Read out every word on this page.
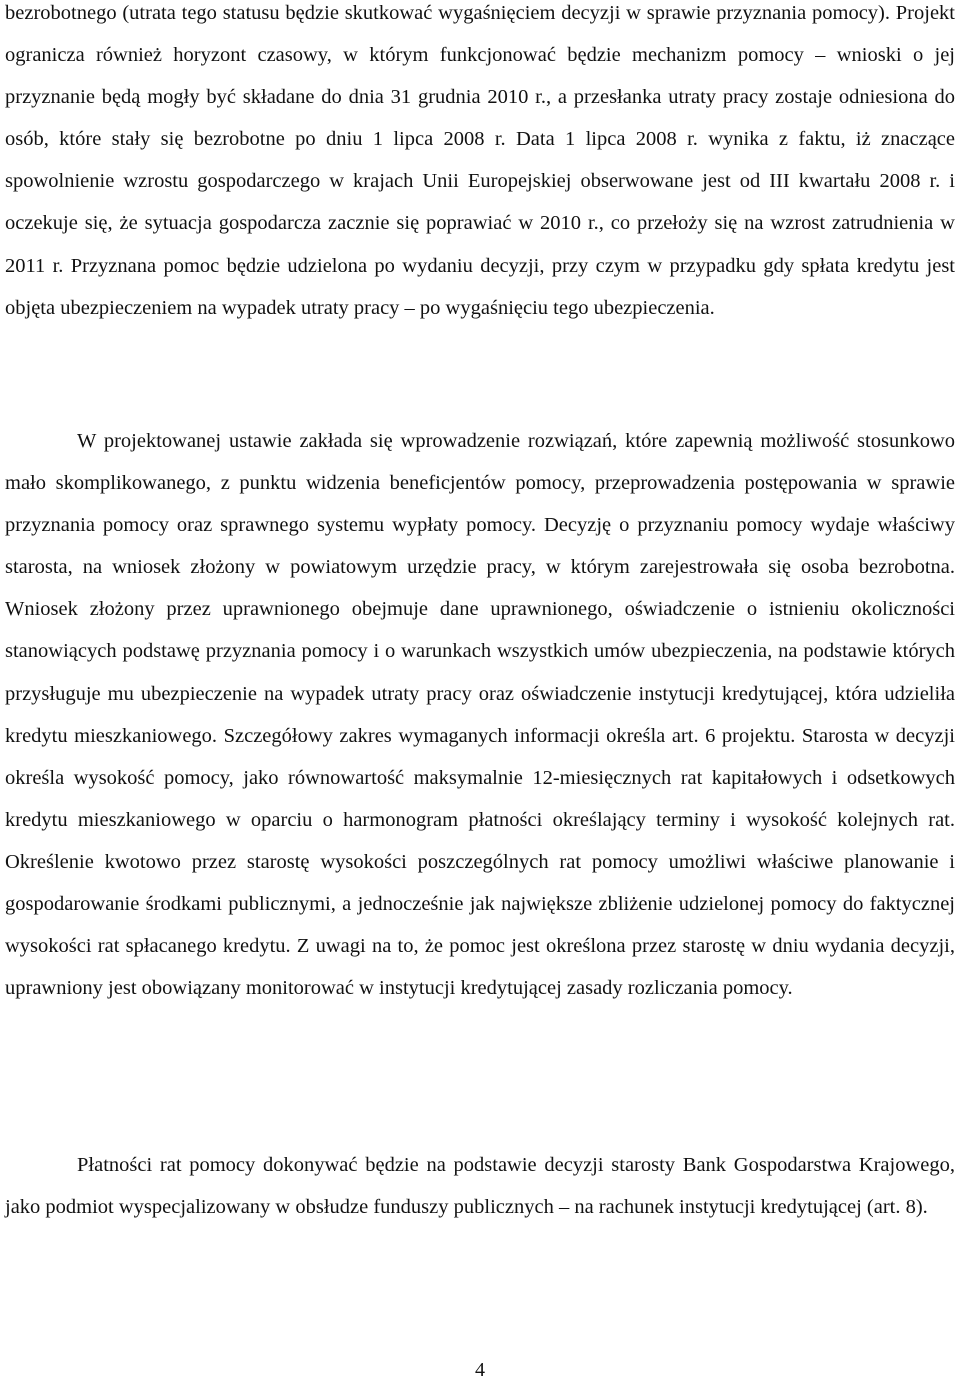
bezrobotnego (utrata tego statusu będzie skutkować wygaśnięciem decyzji w sprawie przyznania pomocy). Projekt ogranicza również horyzont czasowy, w którym funkcjonować będzie mechanizm pomocy – wnioski o jej przyznanie będą mogły być składane do dnia 31 grudnia 2010 r., a przesłanka utraty pracy zostaje odniesiona do osób, które stały się bezrobotne po dniu 1 lipca 2008 r. Data 1 lipca 2008 r. wynika z faktu, iż znaczące spowolnienie wzrostu gospodarczego w krajach Unii Europejskiej obserwowane jest od III kwartału 2008 r. i oczekuje się, że sytuacja gospodarcza zacznie się poprawiać w 2010 r., co przełoży się na wzrost zatrudnienia w 2011 r. Przyznana pomoc będzie udzielona po wydaniu decyzji, przy czym w przypadku gdy spłata kredytu jest objęta ubezpieczeniem na wypadek utraty pracy – po wygaśnięciu tego ubezpieczenia.

W projektowanej ustawie zakłada się wprowadzenie rozwiązań, które zapewnią możliwość stosunkowo mało skomplikowanego, z punktu widzenia beneficjentów pomocy, przeprowadzenia postępowania w sprawie przyznania pomocy oraz sprawnego systemu wypłaty pomocy. Decyzję o przyznaniu pomocy wydaje właściwy starosta, na wniosek złożony w powiatowym urzędzie pracy, w którym zarejestrowała się osoba bezrobotna. Wniosek złożony przez uprawnionego obejmuje dane uprawnionego, oświadczenie o istnieniu okoliczności stanowiących podstawę przyznania pomocy i o warunkach wszystkich umów ubezpieczenia, na podstawie których przysługuje mu ubezpieczenie na wypadek utraty pracy oraz oświadczenie instytucji kredytującej, która udzieliła kredytu mieszkaniowego. Szczegółowy zakres wymaganych informacji określa art. 6 projektu. Starosta w decyzji określa wysokość pomocy, jako równowartość maksymalnie 12-miesięcznych rat kapitałowych i odsetkowych kredytu mieszkaniowego w oparciu o harmonogram płatności określający terminy i wysokość kolejnych rat. Określenie kwotowo przez starostę wysokości poszczególnych rat pomocy umożliwi właściwe planowanie i gospodarowanie środkami publicznymi, a jednocześnie jak największe zbliżenie udzielonej pomocy do faktycznej wysokości rat spłacanego kredytu. Z uwagi na to, że pomoc jest określona przez starostę w dniu wydania decyzji, uprawniony jest obowiązany monitorować w instytucji kredytującej zasady rozliczania pomocy.

Płatności rat pomocy dokonywać będzie na podstawie decyzji starosty Bank Gospodarstwa Krajowego, jako podmiot wyspecjalizowany w obsłudze funduszy publicznych – na rachunek instytucji kredytującej (art. 8).

4
